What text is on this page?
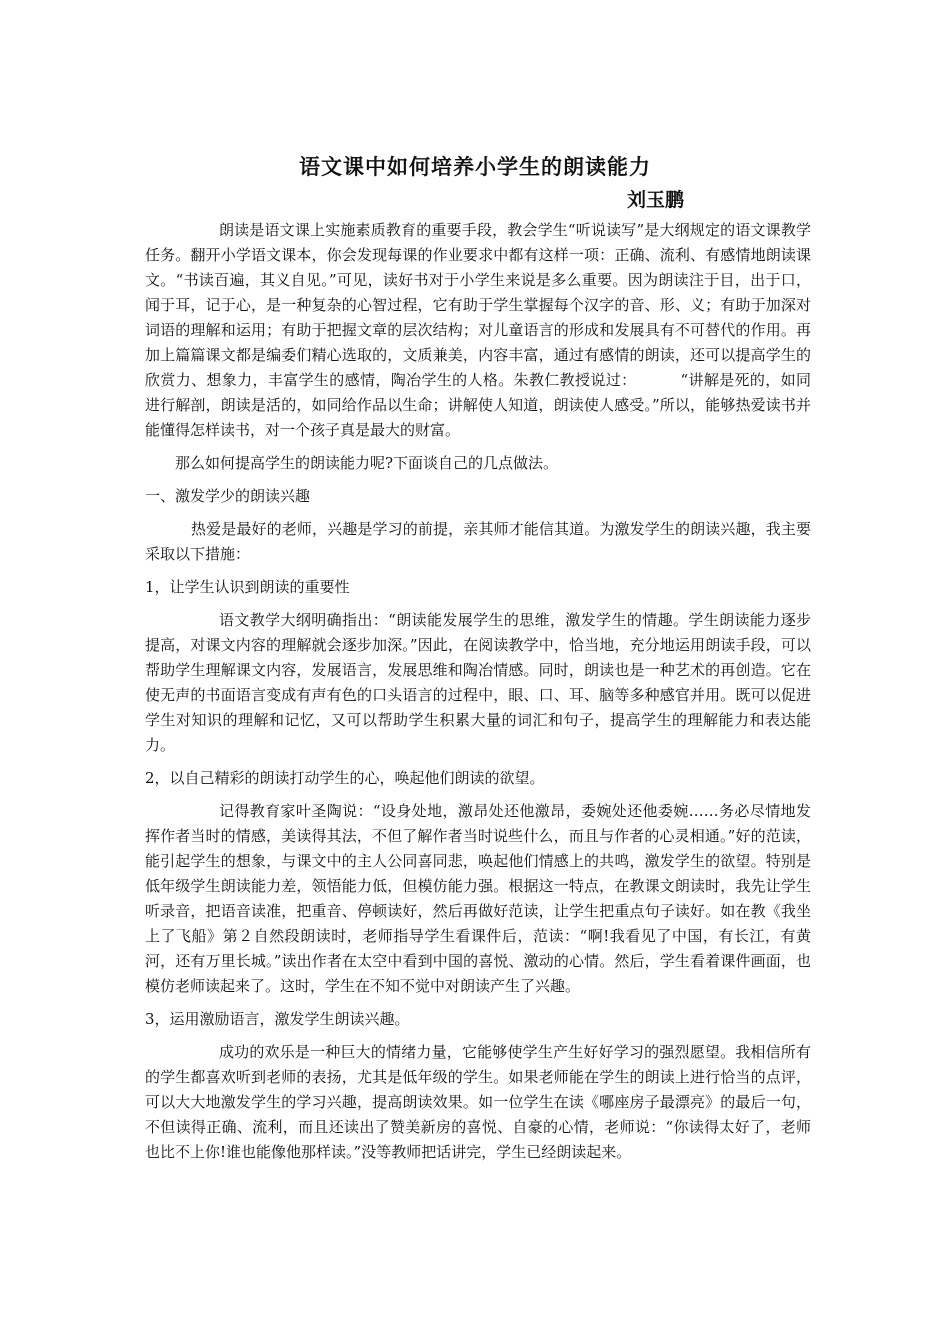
语文课中如何培养小学生的朗读能力
刘玉鹏

朗读是语文课上实施素质教育的重要手段，教会学生“听说读写”是大纲规定的语文课教学任务。翻开小学语文课本，你会发现每课的作业要求中都有这样一项：正确、流利、有感情地朗读课文。“书读百遍，其义自见。”可见，读好书对于小学生来说是多么重要。因为朗读注于目，出于口，闻于耳，记于心，是一种复杂的心智过程，它有助于学生掌握每个汉字的音、形、义；有助于加深对词语的理解和运用；有助于把握文章的层次结构；对儿童语言的形成和发展具有不可替代的作用。再加上篇篇课文都是编委们精心选取的，文质兼美，内容丰富，通过有感情的朗读，还可以提高学生的欣赏力、想象力，丰富学生的感情，陶冶学生的人格。朱教仁教授说过：	“讲解是死的，如同进行解剖，朗读是活的，如同给作品以生命；讲解使人知道，朗读使人感受。”所以，能够热爱读书并能懂得怎样读书，对一个孩子真是最大的财富。

那么如何提高学生的朗读能力呢?下面谈自己的几点做法。

一、激发学少的朗读兴趣

热爱是最好的老师，兴趣是学习的前提，亲其师才能信其道。为激发学生的朗读兴趣，我主要采取以下措施：

1，让学生认识到朗读的重要性

语文教学大纲明确指出：“朗读能发展学生的思维，激发学生的情趣。学生朗读能力逐步提高，对课文内容的理解就会逐步加深。”因此，在阅读教学中，恰当地，充分地运用朗读手段，可以帮助学生理解课文内容，发展语言，发展思维和陶冶情感。同时，朗读也是一种艺术的再创造。它在使无声的书面语言变成有声有色的口头语言的过程中，眼、口、耳、脑等多种感官并用。既可以促进学生对知识的理解和记忆，又可以帮助学生积累大量的词汇和句子，提高学生的理解能力和表达能力。

2，以自己精彩的朗读打动学生的心，唤起他们朗读的欲望。

记得教育家叶圣陶说：“设身处地，激昂处还他激昂，委婉处还他委婉……务必尽情地发挥作者当时的情感，美读得其法，不但了解作者当时说些什么，而且与作者的心灵相通。”好的范读，能引起学生的想象，与课文中的主人公同喜同悲，唤起他们情感上的共鸣，激发学生的欲望。特别是低年级学生朗读能力差，领悟能力低，但模仿能力强。根据这一特点，在教课文朗读时，我先让学生听录音，把语音读准，把重音、停顿读好，然后再做好范读，让学生把重点句子读好。如在教《我坐上了飞船》第２自然段朗读时，老师指导学生看课件后，范读：“啊!我看见了中国，有长江，有黄河，还有万里长城。”读出作者在太空中看到中国的喜悦、激动的心情。然后，学生看着课件画面，也模仿老师读起来了。这时，学生在不知不觉中对朗读产生了兴趣。

3，运用激励语言，激发学生朗读兴趣。

成功的欢乐是一种巨大的情绪力量，它能够使学生产生好好学习的强烈愿望。我相信所有的学生都喜欢听到老师的表扬，尤其是低年级的学生。如果老师能在学生的朗读上进行恰当的点评，可以大大地激发学生的学习兴趣，提高朗读效果。如一位学生在读《哪座房子最漂亮》的最后一句，不但读得正确、流利，而且还读出了赞美新房的喜悦、自豪的心情，老师说：“你读得太好了，老师也比不上你!谁也能像他那样读。”没等教师把话讲完，学生已经朗读起来。
